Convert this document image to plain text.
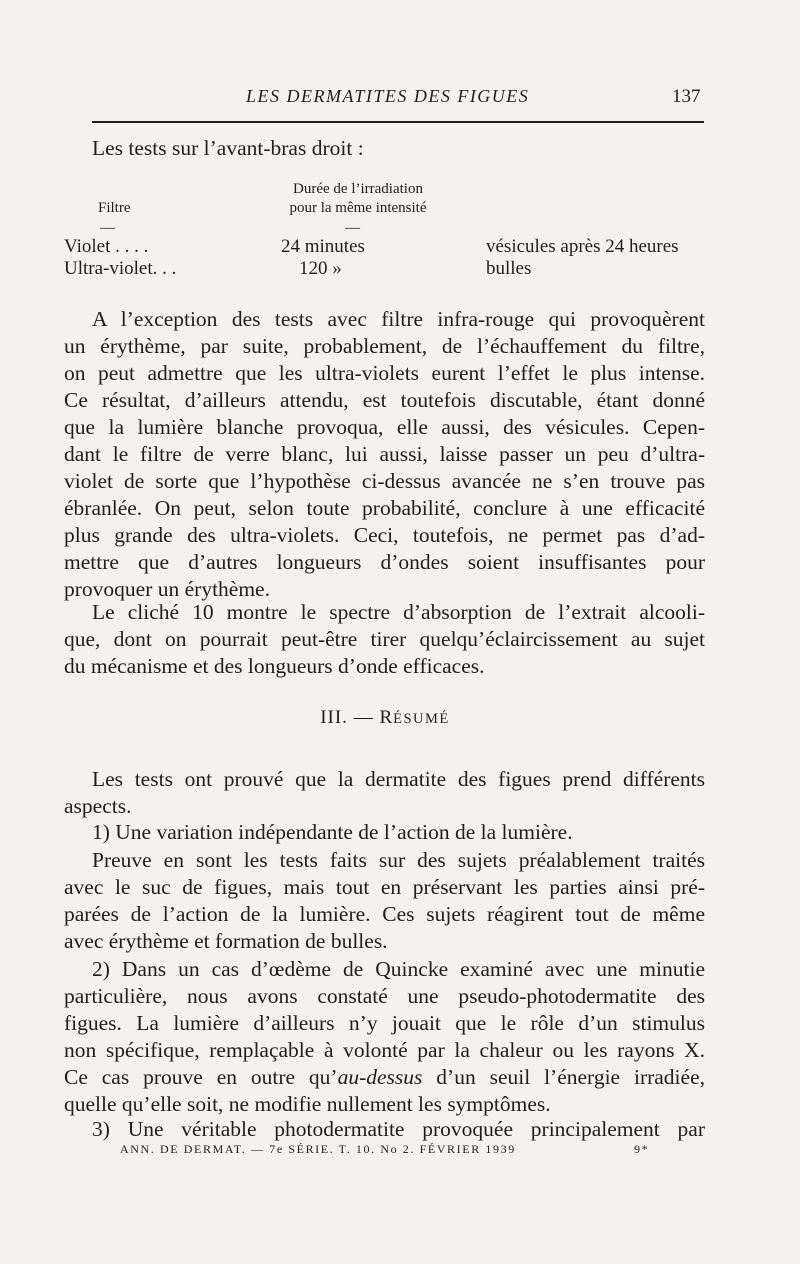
LES DERMATITES DES FIGUES	137
Les tests sur l’avant-bras droit :
Filtre
Durée de l’irradiation
pour la même intensité
—	—
Violet . . . .	24 minutes	vésicules après 24 heures
Ultra-violet. . .	120 »	bulles
A l’exception des tests avec filtre infra-rouge qui provoquèrent
un érythème, par suite, probablement, de l’échauffement du filtre,
on peut admettre que les ultra-violets eurent l’effet le plus intense.
Ce résultat, d’ailleurs attendu, est toutefois discutable, étant donné
que la lumière blanche provoqua, elle aussi, des vésicules. Cepen-
dant le filtre de verre blanc, lui aussi, laisse passer un peu d’ultra-
violet de sorte que l’hypothèse ci-dessus avancée ne s’en trouve pas
ébranlée. On peut, selon toute probabilité, conclure à une efficacité
plus grande des ultra-violets. Ceci, toutefois, ne permet pas d’ad-
mettre que d’autres longueurs d’ondes soient insuffisantes pour
provoquer un érythème.
Le cliché 10 montre le spectre d’absorption de l’extrait alcooli-
que, dont on pourrait peut-être tirer quelqu’éclaircissement au sujet
du mécanisme et des longueurs d’onde efficaces.
III. — RÉSUMÉ
Les tests ont prouvé que la dermatite des figues prend différents
aspects.
1) Une variation indépendante de l’action de la lumière.
Preuve en sont les tests faits sur des sujets préalablement traités
avec le suc de figues, mais tout en préservant les parties ainsi pré-
parées de l’action de la lumière. Ces sujets réagirent tout de même
avec érythème et formation de bulles.
2) Dans un cas d’œdème de Quincke examiné avec une minutie
particulière, nous avons constaté une pseudo-photodermatite des
figues. La lumière d’ailleurs n’y jouait que le rôle d’un stimulus
non spécifique, remplaçable à volonté par la chaleur ou les rayons X.
Ce cas prouve en outre qu’au-dessus d’un seuil l’énergie irradiée,
quelle qu’elle soit, ne modifie nullement les symptômes.
3) Une véritable photodermatite provoquée principalement par
ANN. DE DERMAT. — 7e SÉRIE. T. 10. No 2. FÉVRIER 1939	9*
